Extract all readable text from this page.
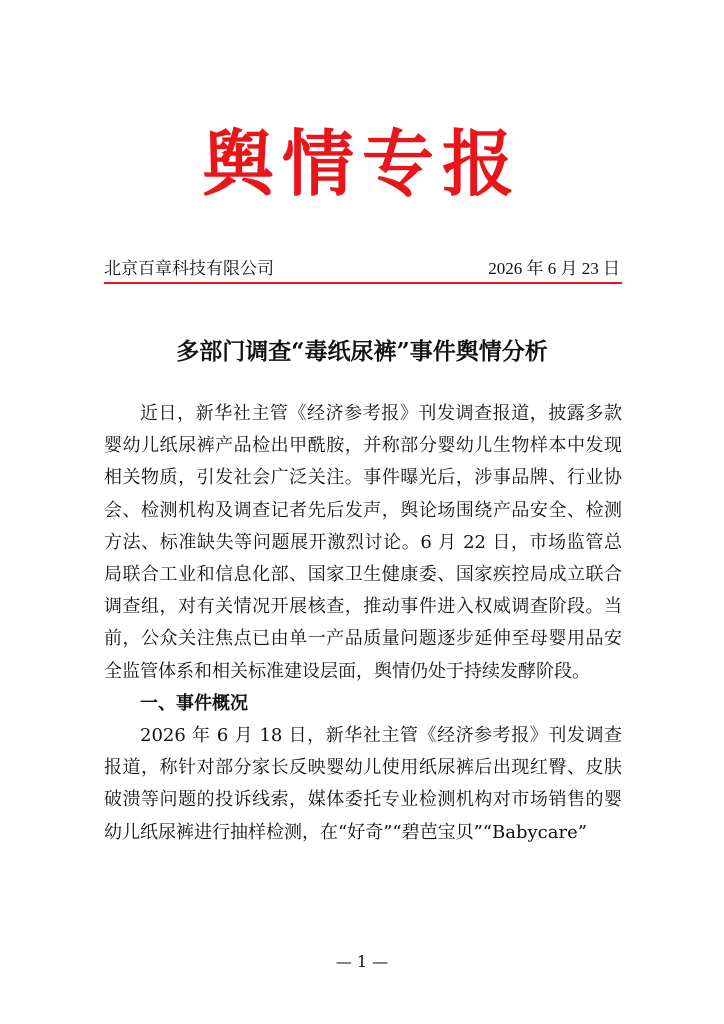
舆情专报
北京百章科技有限公司	2026 年 6 月 23 日
多部门调查“毒纸尿裤”事件舆情分析

近日，新华社主管《经济参考报》刊发调查报道，披露多款婴幼儿纸尿裤产品检出甲酰胺，并称部分婴幼儿生物样本中发现相关物质，引发社会广泛关注。事件曝光后，涉事品牌、行业协会、检测机构及调查记者先后发声，舆论场围绕产品安全、检测方法、标准缺失等问题展开激烈讨论。6 月 22 日，市场监管总局联合工业和信息化部、国家卫生健康委、国家疾控局成立联合调查组，对有关情况开展核查，推动事件进入权威调查阶段。当前，公众关注焦点已由单一产品质量问题逐步延伸至母婴用品安全监管体系和相关标准建设层面，舆情仍处于持续发酵阶段。

一、事件概况

2026 年 6 月 18 日，新华社主管《经济参考报》刊发调查报道，称针对部分家长反映婴幼儿使用纸尿裤后出现红臀、皮肤破溃等问题的投诉线索，媒体委托专业检测机构对市场销售的婴幼儿纸尿裤进行抽样检测，在“好奇”“碧芭宝贝”“Babycare”

— 1 —
